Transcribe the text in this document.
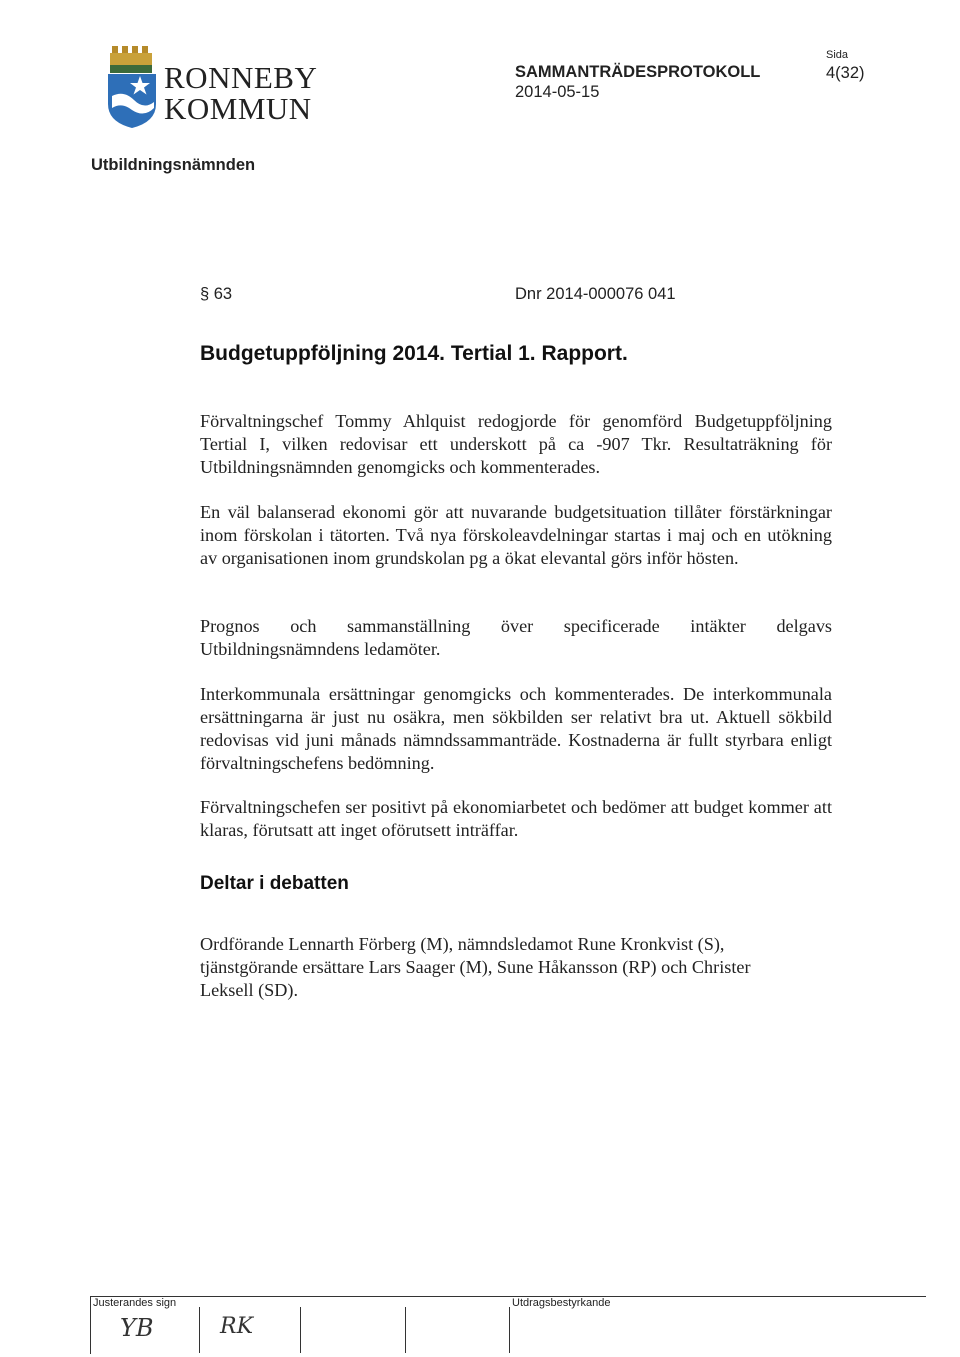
RONNEBY
KOMMUN
SAMMANTRÄDESPROTOKOLL
2014-05-15
Sida
4(32)
Utbildningsnämnden
§ 63	Dnr 2014-000076 041
Budgetuppföljning 2014. Tertial 1. Rapport.

Förvaltningschef Tommy Ahlquist redogjorde för genomförd Budgetuppföljning Tertial I, vilken redovisar ett underskott på ca -907 Tkr. Resultaträkning för Utbildningsnämnden genomgicks och kommenterades.

En väl balanserad ekonomi gör att nuvarande budgetsituation tillåter förstärkningar inom förskolan i tätorten. Två nya förskoleavdelningar startas i maj och en utökning av organisationen inom grundskolan pg a ökat elevantal görs inför hösten.

Prognos och sammanställning över specificerade intäkter delgavs Utbildningsnämndens ledamöter.

Interkommunala ersättningar genomgicks och kommenterades. De interkommunala ersättningarna är just nu osäkra, men sökbilden ser relativt bra ut. Aktuell sökbild redovisas vid juni månads nämndssammanträde. Kostnaderna är fullt styrbara enligt förvaltningschefens bedömning.

Förvaltningschefen ser positivt på ekonomiarbetet och bedömer att budget kommer att klaras, förutsatt att inget oförutsett inträffar.

Deltar i debatten

Ordförande Lennarth Förberg (M), nämndsledamot Rune Kronkvist (S), tjänstgörande ersättare Lars Saager (M), Sune Håkansson (RP) och Christer Leksell (SD).

Justerandes sign	Utdragsbestyrkande
YB	RK
